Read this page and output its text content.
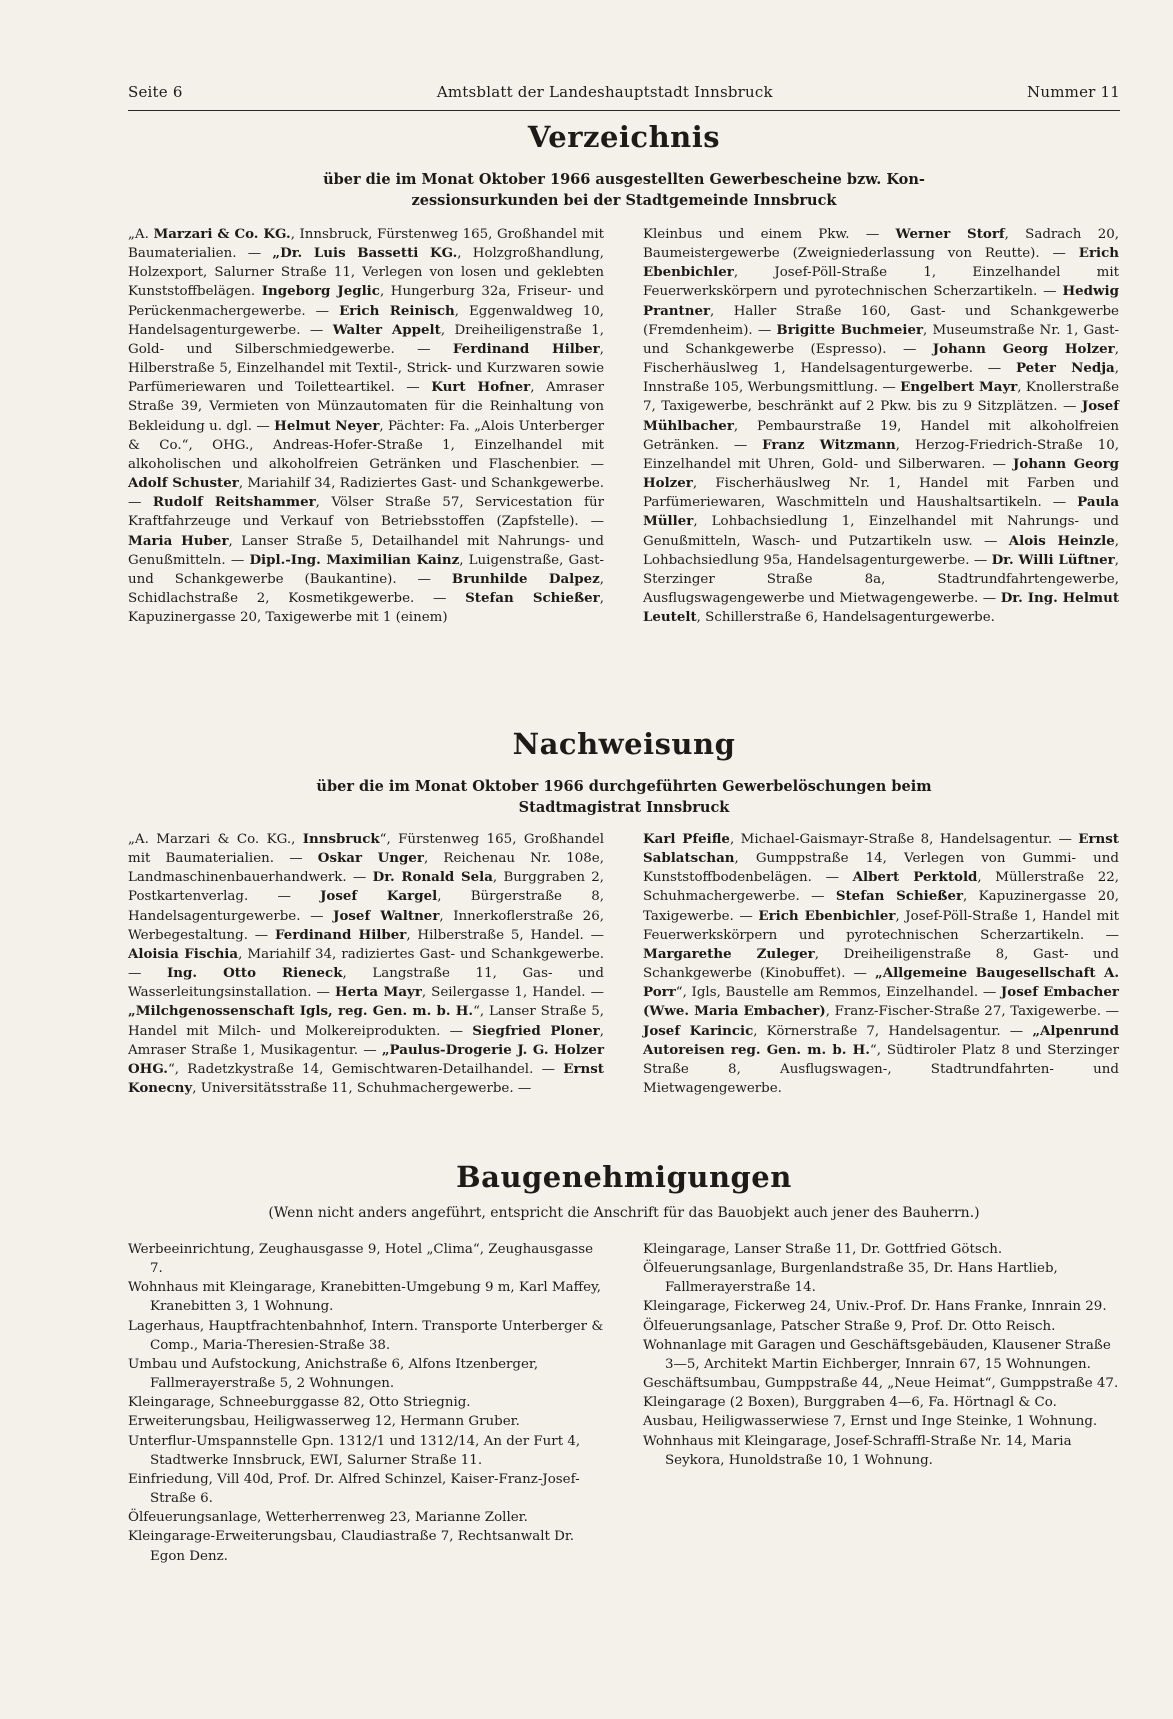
Seite 6	Amtsblatt der Landeshauptstadt Innsbruck	Nummer 11
Verzeichnis
über die im Monat Oktober 1966 ausgestellten Gewerbescheine bzw. Kon-
zessionsurkunden bei der Stadtgemeinde Innsbruck

„A. Marzari & Co. KG., Innsbruck, Fürstenweg 165, Großhandel mit Baumaterialien. — „Dr. Luis Bassetti KG., Holzgroßhandlung, Holzexport, Salurner Straße 11, Verlegen von losen und geklebten Kunststoffbelägen. Ingeborg Jeglic, Hungerburg 32a, Friseur- und Perückenmachergewerbe. — Erich Reinisch, Eggenwaldweg 10, Handelsagenturgewerbe. — Walter Appelt, Dreiheiligenstraße 1, Gold- und Silberschmiedgewerbe. — Ferdinand Hilber, Hilberstraße 5, Einzelhandel mit Textil-, Strick- und Kurzwaren sowie Parfümeriewaren und Toiletteartikel. — Kurt Hofner, Amraser Straße 39, Vermieten von Münzautomaten für die Reinhaltung von Bekleidung u. dgl. — Helmut Neyer, Pächter: Fa. „Alois Unterberger & Co.“, OHG., Andreas-Hofer-Straße 1, Einzelhandel mit alkoholischen und alkoholfreien Getränken und Flaschenbier. — Adolf Schuster, Mariahilf 34, Radiziertes Gast- und Schankgewerbe. — Rudolf Reitshammer, Völser Straße 57, Servicestation für Kraftfahrzeuge und Verkauf von Betriebsstoffen (Zapfstelle). — Maria Huber, Lanser Straße 5, Detailhandel mit Nahrungs- und Genußmitteln. — Dipl.-Ing. Maximilian Kainz, Luigenstraße, Gast- und Schankgewerbe (Baukantine). — Brunhilde Dalpez, Schidlachstraße 2, Kosmetikgewerbe. — Stefan Schießer, Kapuzinergasse 20, Taxigewerbe mit 1 (einem)

Kleinbus und einem Pkw. — Werner Storf, Sadrach 20, Baumeistergewerbe (Zweigniederlassung von Reutte). — Erich Ebenbichler, Josef-Pöll-Straße 1, Einzelhandel mit Feuerwerkskörpern und pyrotechnischen Scherzartikeln. — Hedwig Prantner, Haller Straße 160, Gast- und Schankgewerbe (Fremdenheim). — Brigitte Buchmeier, Museumstraße Nr. 1, Gast- und Schankgewerbe (Espresso). — Johann Georg Holzer, Fischerhäuslweg 1, Handelsagenturgewerbe. — Peter Nedja, Innstraße 105, Werbungsmittlung. — Engelbert Mayr, Knollerstraße 7, Taxigewerbe, beschränkt auf 2 Pkw. bis zu 9 Sitzplätzen. — Josef Mühlbacher, Pembaurstraße 19, Handel mit alkoholfreien Getränken. — Franz Witzmann, Herzog-Friedrich-Straße 10, Einzelhandel mit Uhren, Gold- und Silberwaren. — Johann Georg Holzer, Fischerhäuslweg Nr. 1, Handel mit Farben und Parfümeriewaren, Waschmitteln und Haushaltsartikeln. — Paula Müller, Lohbachsiedlung 1, Einzelhandel mit Nahrungs- und Genußmitteln, Wasch- und Putzartikeln usw. — Alois Heinzle, Lohbachsiedlung 95a, Handelsagenturgewerbe. — Dr. Willi Lüftner, Sterzinger Straße 8a, Stadtrundfahrtengewerbe, Ausflugswagengewerbe und Mietwagengewerbe. — Dr. Ing. Helmut Leutelt, Schillerstraße 6, Handelsagenturgewerbe.

Nachweisung
über die im Monat Oktober 1966 durchgeführten Gewerbelöschungen beim
Stadtmagistrat Innsbruck

„A. Marzari & Co. KG., Innsbruck“, Fürstenweg 165, Großhandel mit Baumaterialien. — Oskar Unger, Reichenau Nr. 108e, Landmaschinenbauerhandwerk. — Dr. Ronald Sela, Burggraben 2, Postkartenverlag. — Josef Kargel, Bürgerstraße 8, Handelsagenturgewerbe. — Josef Waltner, Innerkoflerstraße 26, Werbegestaltung. — Ferdinand Hilber, Hilberstraße 5, Handel. — Aloisia Fischia, Mariahilf 34, radiziertes Gast- und Schankgewerbe. — Ing. Otto Rieneck, Langstraße 11, Gas- und Wasserleitungsinstallation. — Herta Mayr, Seilergasse 1, Handel. — „Milchgenossenschaft Igls, reg. Gen. m. b. H.“, Lanser Straße 5, Handel mit Milch- und Molkereiprodukten. — Siegfried Ploner, Amraser Straße 1, Musikagentur. — „Paulus-Drogerie J. G. Holzer OHG.“, Radetzkystraße 14, Gemischtwaren-Detailhandel. — Ernst Konecny, Universitätsstraße 11, Schuhmachergewerbe. —

Karl Pfeifle, Michael-Gaismayr-Straße 8, Handelsagentur. — Ernst Sablatschan, Gumppstraße 14, Verlegen von Gummi- und Kunststoffbodenbelägen. — Albert Perktold, Müllerstraße 22, Schuhmachergewerbe. — Stefan Schießer, Kapuzinergasse 20, Taxigewerbe. — Erich Ebenbichler, Josef-Pöll-Straße 1, Handel mit Feuerwerkskörpern und pyrotechnischen Scherzartikeln. — Margarethe Zuleger, Dreiheiligenstraße 8, Gast- und Schankgewerbe (Kinobuffet). — „Allgemeine Baugesellschaft A. Porr“, Igls, Baustelle am Remmos, Einzelhandel. — Josef Embacher (Wwe. Maria Embacher), Franz-Fischer-Straße 27, Taxigewerbe. — Josef Karincic, Körnerstraße 7, Handelsagentur. — „Alpenrund Autoreisen reg. Gen. m. b. H.“, Südtiroler Platz 8 und Sterzinger Straße 8, Ausflugswagen-, Stadtrundfahrten- und Mietwagengewerbe.

Baugenehmigungen
(Wenn nicht anders angeführt, entspricht die Anschrift für das Bauobjekt auch jener des Bauherrn.)

Werbeeinrichtung, Zeughausgasse 9, Hotel „Clima“, Zeughausgasse 7.

Wohnhaus mit Kleingarage, Kranebitten-Umgebung 9 m, Karl Maffey, Kranebitten 3, 1 Wohnung.

Lagerhaus, Hauptfrachtenbahnhof, Intern. Transporte Unterberger & Comp., Maria-Theresien-Straße 38.

Umbau und Aufstockung, Anichstraße 6, Alfons Itzenberger, Fallmerayerstraße 5, 2 Wohnungen.

Kleingarage, Schneeburggasse 82, Otto Striegnig.

Erweiterungsbau, Heiligwasserweg 12, Hermann Gruber.

Unterflur-Umspannstelle Gpn. 1312/1 und 1312/14, An der Furt 4, Stadtwerke Innsbruck, EWI, Salurner Straße 11.

Einfriedung, Vill 40d, Prof. Dr. Alfred Schinzel, Kaiser-Franz-Josef-Straße 6.

Ölfeuerungsanlage, Wetterherrenweg 23, Marianne Zoller.

Kleingarage-Erweiterungsbau, Claudiastraße 7, Rechtsanwalt Dr. Egon Denz.

Kleingarage, Lanser Straße 11, Dr. Gottfried Götsch.

Ölfeuerungsanlage, Burgenlandstraße 35, Dr. Hans Hartlieb, Fallmerayerstraße 14.

Kleingarage, Fickerweg 24, Univ.-Prof. Dr. Hans Franke, Innrain 29.

Ölfeuerungsanlage, Patscher Straße 9, Prof. Dr. Otto Reisch.

Wohnanlage mit Garagen und Geschäftsgebäuden, Klausener Straße 3—5, Architekt Martin Eichberger, Innrain 67, 15 Wohnungen.

Geschäftsumbau, Gumppstraße 44, „Neue Heimat“, Gumppstraße 47.

Kleingarage (2 Boxen), Burggraben 4—6, Fa. Hörtnagl & Co.

Ausbau, Heiligwasserwiese 7, Ernst und Inge Steinke, 1 Wohnung.

Wohnhaus mit Kleingarage, Josef-Schraffl-Straße Nr. 14, Maria Seykora, Hunoldstraße 10, 1 Wohnung.
